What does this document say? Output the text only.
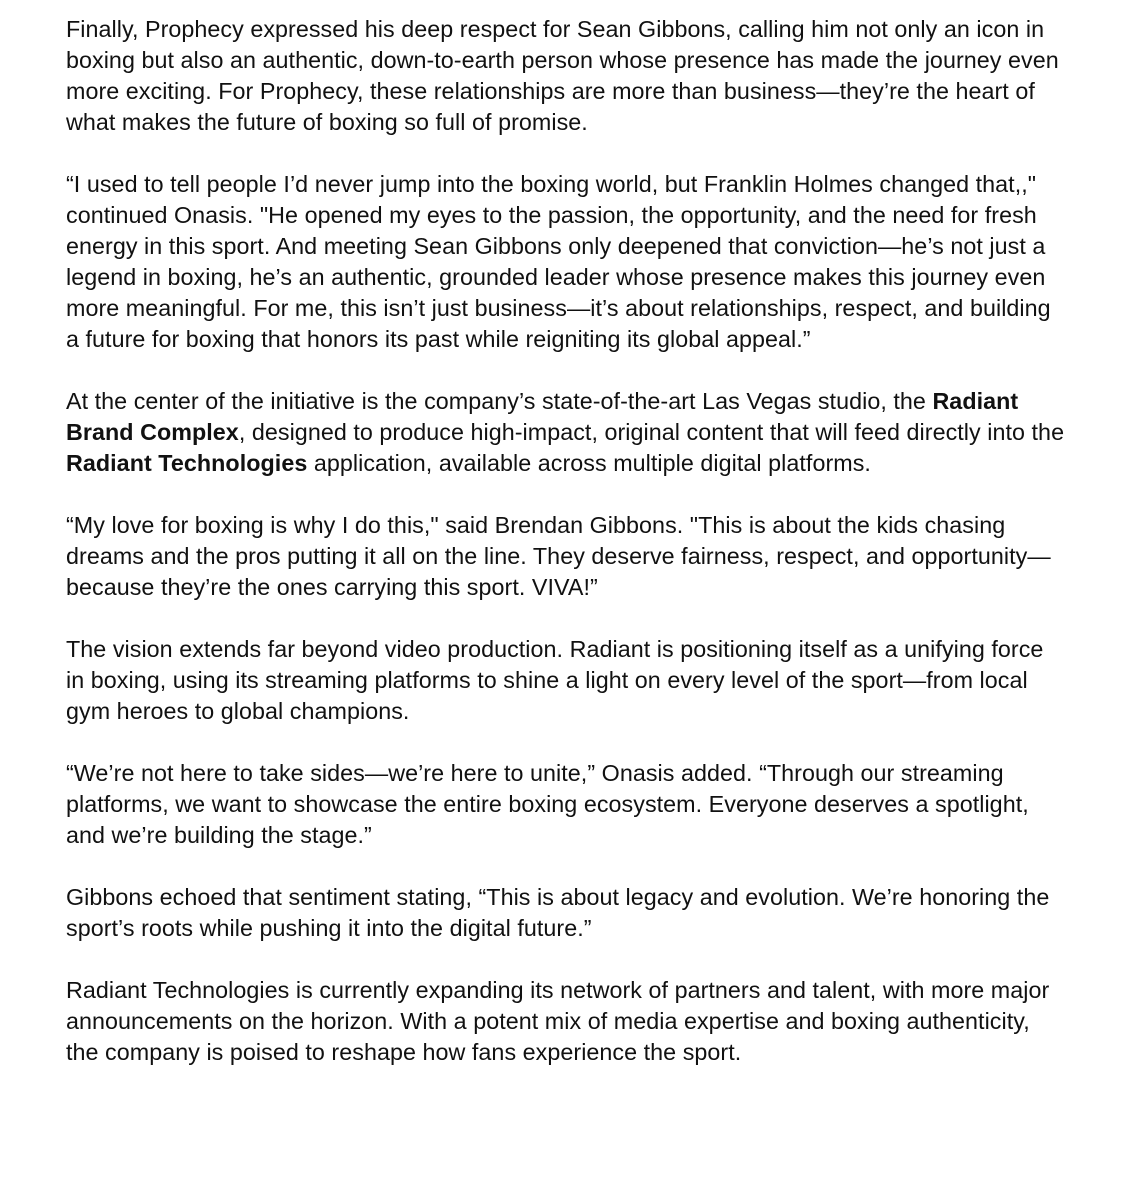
Finally, Prophecy expressed his deep respect for Sean Gibbons, calling him not only an icon in boxing but also an authentic, down-to-earth person whose presence has made the journey even more exciting. For Prophecy, these relationships are more than business—they’re the heart of what makes the future of boxing so full of promise.

“I used to tell people I’d never jump into the boxing world, but Franklin Holmes changed that,," continued Onasis. "He opened my eyes to the passion, the opportunity, and the need for fresh energy in this sport. And meeting Sean Gibbons only deepened that conviction—he’s not just a legend in boxing, he’s an authentic, grounded leader whose presence makes this journey even more meaningful. For me, this isn’t just business—it’s about relationships, respect, and building a future for boxing that honors its past while reigniting its global appeal.”

At the center of the initiative is the company’s state-of-the-art Las Vegas studio, the Radiant Brand Complex, designed to produce high-impact, original content that will feed directly into the Radiant Technologies application, available across multiple digital platforms.

“My love for boxing is why I do this," said Brendan Gibbons. "This is about the kids chasing dreams and the pros putting it all on the line. They deserve fairness, respect, and opportunity—because they’re the ones carrying this sport. VIVA!”

The vision extends far beyond video production. Radiant is positioning itself as a unifying force in boxing, using its streaming platforms to shine a light on every level of the sport—from local gym heroes to global champions.

“We’re not here to take sides—we’re here to unite,” Onasis added. “Through our streaming platforms, we want to showcase the entire boxing ecosystem. Everyone deserves a spotlight, and we’re building the stage.”

Gibbons echoed that sentiment stating, “This is about legacy and evolution. We’re honoring the sport’s roots while pushing it into the digital future.”

Radiant Technologies is currently expanding its network of partners and talent, with more major announcements on the horizon. With a potent mix of media expertise and boxing authenticity, the company is poised to reshape how fans experience the sport.
